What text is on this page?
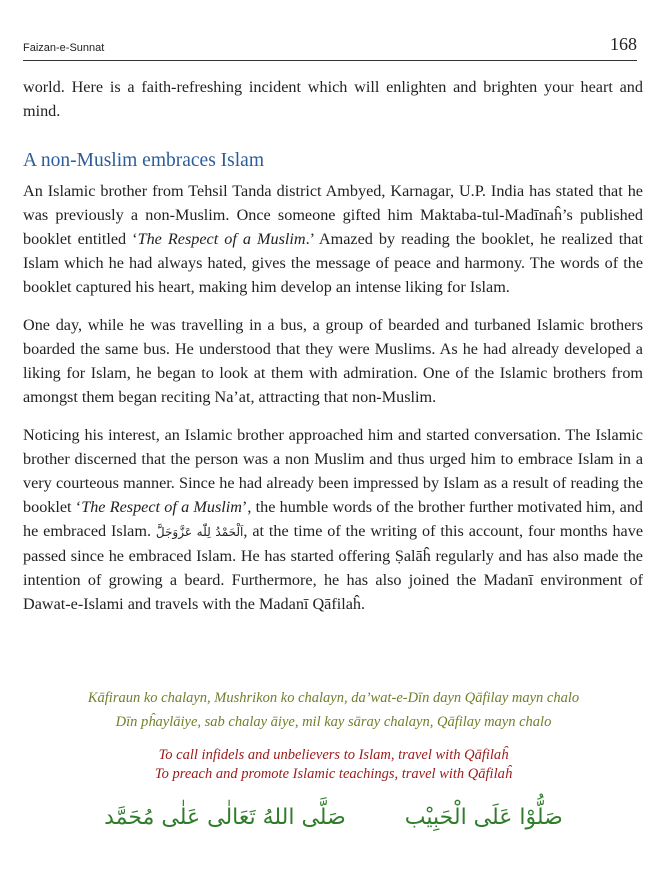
Faizan-e-Sunnat	168

world. Here is a faith-refreshing incident which will enlighten and brighten your heart and mind.

A non-Muslim embraces Islam

An Islamic brother from Tehsil Tanda district Ambyed, Karnagar, U.P. India has stated that he was previously a non-Muslim. Once someone gifted him Maktaba-tul-Madīnaĥ’s published booklet entitled ‘The Respect of a Muslim.’ Amazed by reading the booklet, he realized that Islam which he had always hated, gives the message of peace and harmony. The words of the booklet captured his heart, making him develop an intense liking for Islam.

One day, while he was travelling in a bus, a group of bearded and turbaned Islamic brothers boarded the same bus. He understood that they were Muslims. As he had already developed a liking for Islam, he began to look at them with admiration. One of the Islamic brothers from amongst them began reciting Na’at, attracting that non-Muslim.

Noticing his interest, an Islamic brother approached him and started conversation. The Islamic brother discerned that the person was a non Muslim and thus urged him to embrace Islam in a very courteous manner. Since he had already been impressed by Islam as a result of reading the booklet ‘The Respect of a Muslim’, the humble words of the brother further motivated him, and he embraced Islam. اَلْحَمْدُ لِلّٰه عَزَّوَجَلَّ, at the time of the writing of this account, four months have passed since he embraced Islam. He has started offering Ṣalāĥ regularly and has also made the intention of growing a beard. Furthermore, he has also joined the Madanī environment of Dawat-e-Islami and travels with the Madanī Qāfilaĥ.

Kāfiraun ko chalayn, Mushrikon ko chalayn, da’wat-e-Dīn dayn Qāfilay mayn chalo
Dīn pĥaylāiye, sab chalay āiye, mil kay sāray chalayn, Qāfilay mayn chalo
To call infidels and unbelievers to Islam, travel with Qāfilaĥ
To preach and promote Islamic teachings, travel with Qāfilaĥ
صَلُّوْا عَلَى الْحَبِيْب صَلَّى اللهُ تَعَالٰى عَلٰى مُحَمَّد
